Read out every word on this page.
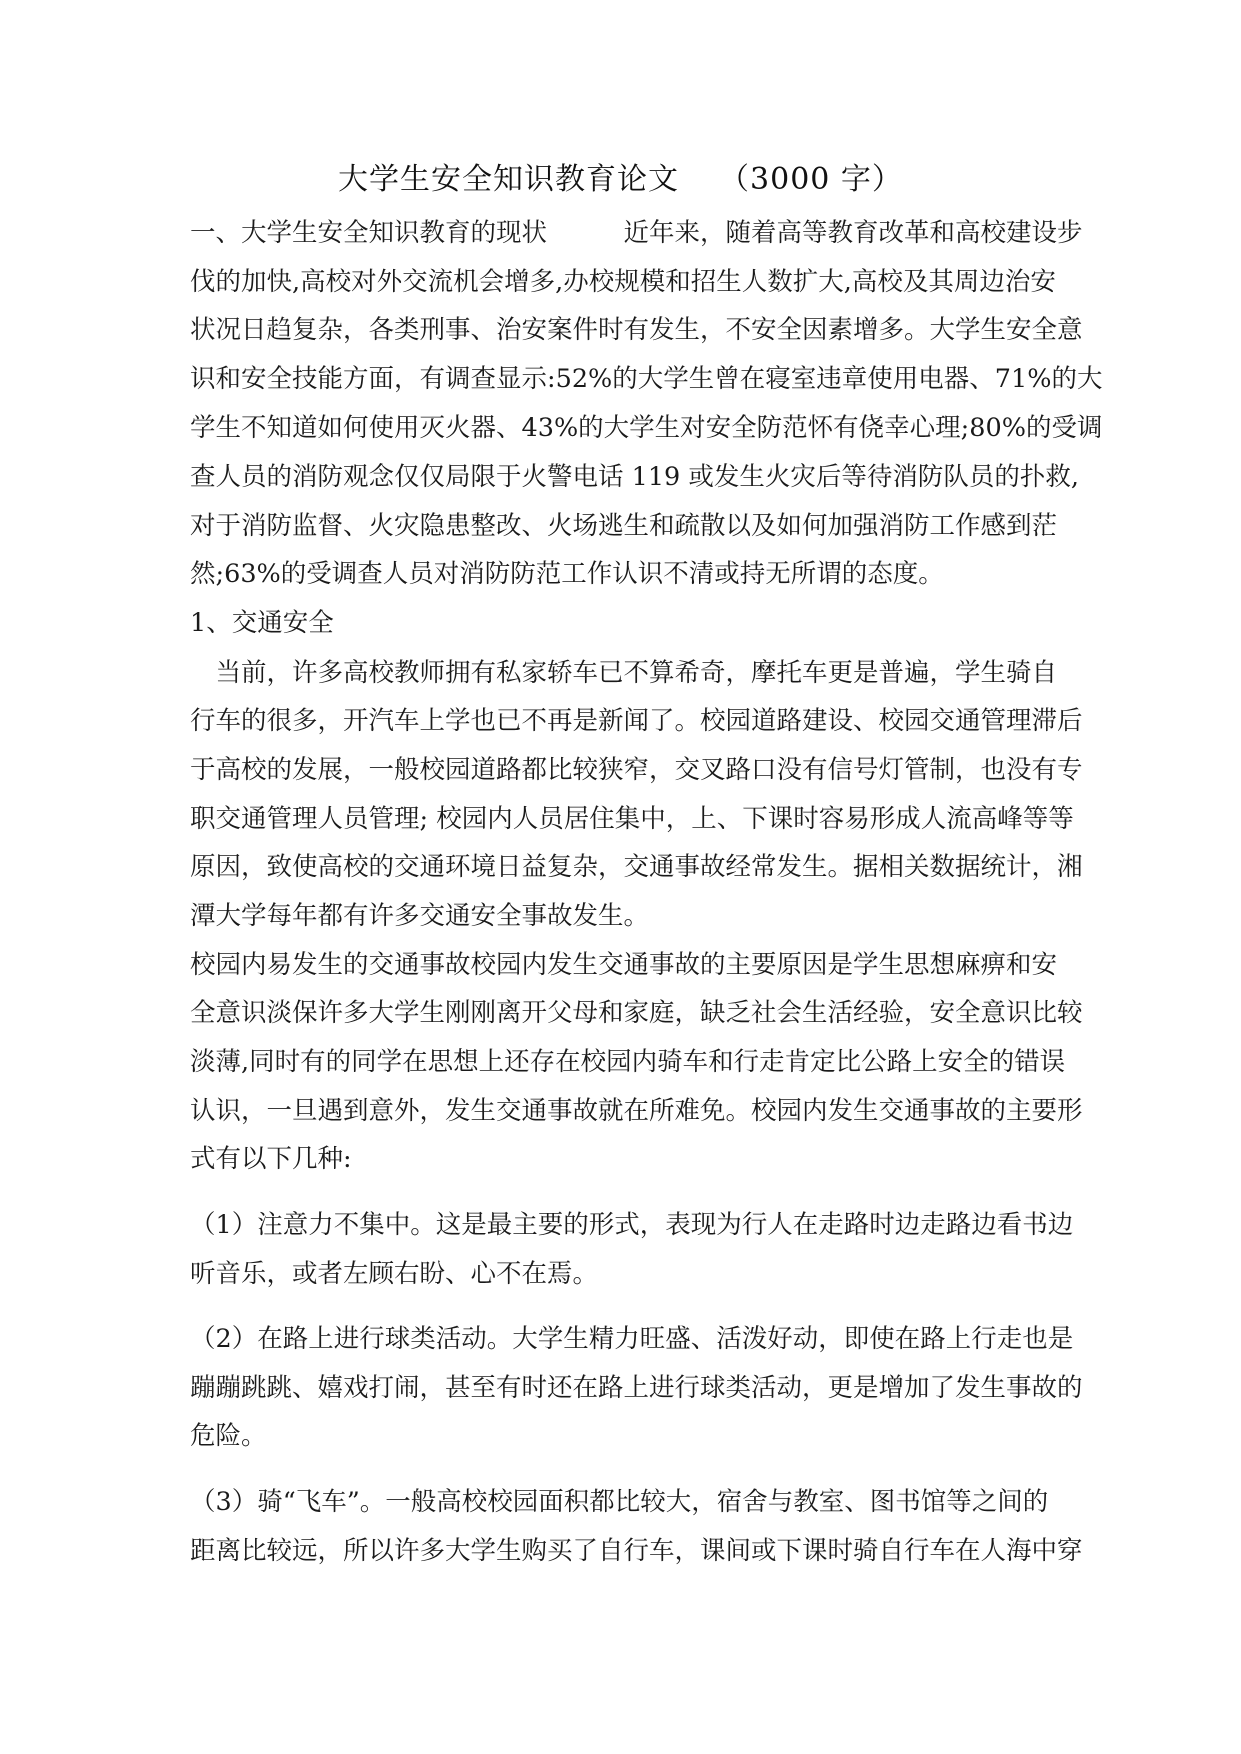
大学生安全知识教育论文 （3000 字）
一、大学生安全知识教育的现状　　　近年来，随着高等教育改革和高校建设步
伐的加快,高校对外交流机会增多,办校规模和招生人数扩大,高校及其周边治安
状况日趋复杂，各类刑事、治安案件时有发生，不安全因素增多。大学生安全意
识和安全技能方面，有调查显示:52%的大学生曾在寝室违章使用电器、71%的大
学生不知道如何使用灭火器、43%的大学生对安全防范怀有侥幸心理;80%的受调
查人员的消防观念仅仅局限于火警电话 119 或发生火灾后等待消防队员的扑救,
对于消防监督、火灾隐患整改、火场逃生和疏散以及如何加强消防工作感到茫
然;63%的受调查人员对消防防范工作认识不清或持无所谓的态度。
1、交通安全
　当前，许多高校教师拥有私家轿车已不算希奇，摩托车更是普遍，学生骑自
行车的很多，开汽车上学也已不再是新闻了。校园道路建设、校园交通管理滞后
于高校的发展，一般校园道路都比较狭窄，交叉路口没有信号灯管制，也没有专
职交通管理人员管理; 校园内人员居住集中，上、下课时容易形成人流高峰等等
原因，致使高校的交通环境日益复杂，交通事故经常发生。据相关数据统计，湘
潭大学每年都有许多交通安全事故发生。
校园内易发生的交通事故校园内发生交通事故的主要原因是学生思想麻痹和安
全意识淡保许多大学生刚刚离开父母和家庭，缺乏社会生活经验，安全意识比较
淡薄,同时有的同学在思想上还存在校园内骑车和行走肯定比公路上安全的错误
认识，一旦遇到意外，发生交通事故就在所难免。校园内发生交通事故的主要形
式有以下几种:
（1）注意力不集中。这是最主要的形式，表现为行人在走路时边走路边看书边
听音乐，或者左顾右盼、心不在焉。
（2）在路上进行球类活动。大学生精力旺盛、活泼好动，即使在路上行走也是
蹦蹦跳跳、嬉戏打闹，甚至有时还在路上进行球类活动，更是增加了发生事故的
危险。
（3）骑“飞车”。一般高校校园面积都比较大，宿舍与教室、图书馆等之间的
距离比较远，所以许多大学生购买了自行车，课间或下课时骑自行车在人海中穿
